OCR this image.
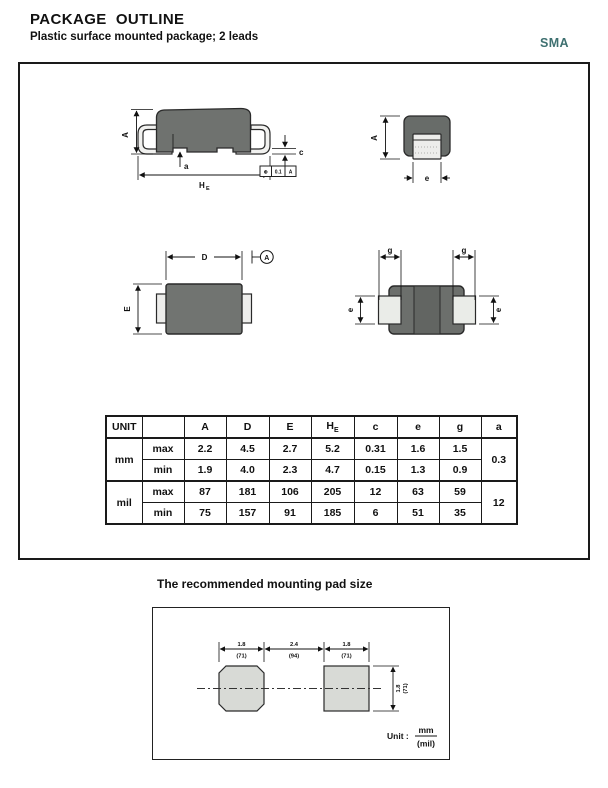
PACKAGE  OUTLINE
Plastic surface mounted package; 2 leads	SMA
A
a
H E
c
⊕ 0.1 A
A
e
D	A
E
g	g
e	e
UNIT		A	D	E	$H_E$	c	e	g	a
mm	max	2.2	4.5	2.7	5.2	0.31	1.6	1.5	0.3
	min	1.9	4.0	2.3	4.7	0.15	1.3	0.9	
mil	max	87	181	106	205	12	63	59	12
	min	75	157	91	185	6	51	35	
The recommended mounting pad size
1.8
(71)
2.4
(94)
1.8
(71)
1.8 (71)
Unit :
mm
(mil)
